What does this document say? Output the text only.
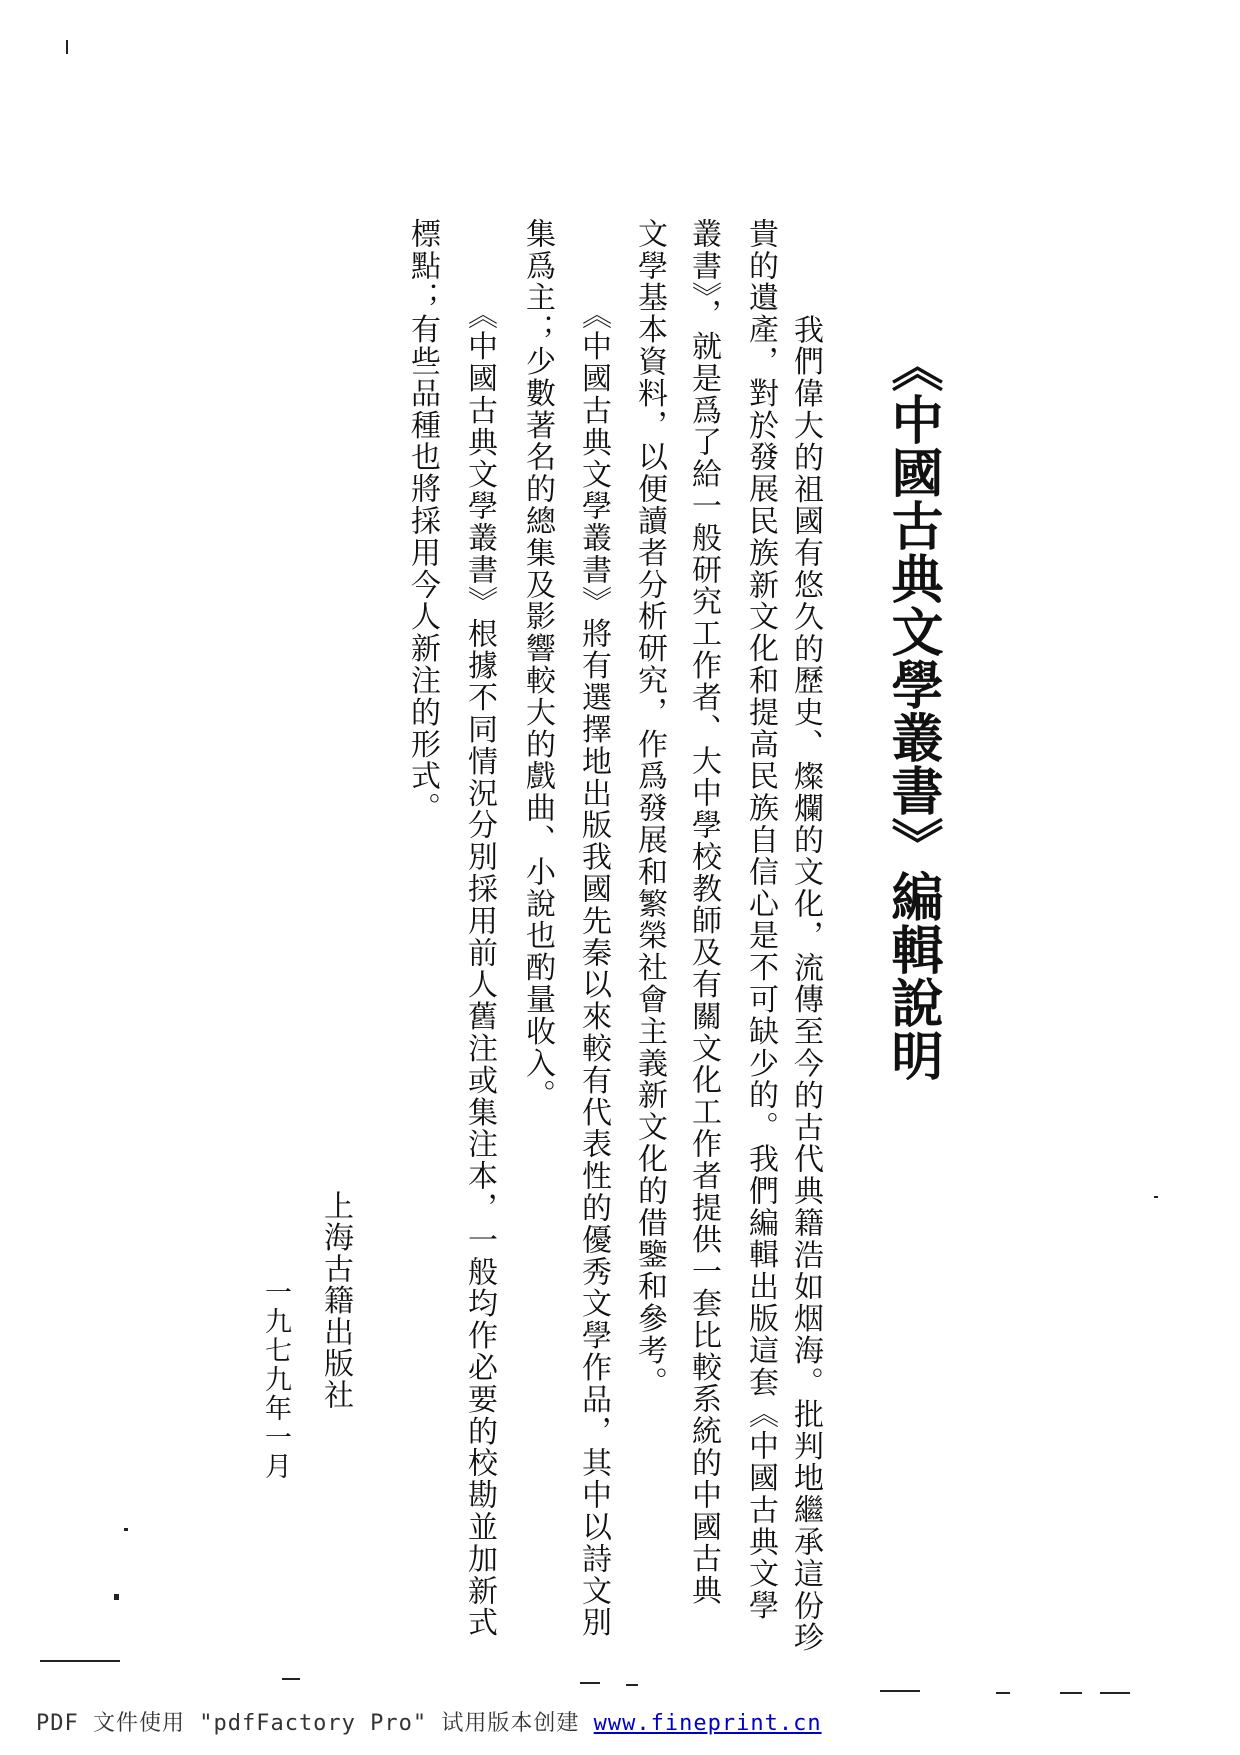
《中國古典文學叢書》編輯說明
　我們偉大的祖國有悠久的歷史、燦爛的文化，流傳至今的古代典籍浩如烟海。批判地繼承這份珍
貴的遺產，對於發展民族新文化和提高民族自信心是不可缺少的。我們編輯出版這套《中國古典文學
叢書》，就是爲了給一般研究工作者、大中學校教師及有關文化工作者提供一套比較系統的中國古典
文學基本資料，以便讀者分析研究，作爲發展和繁榮社會主義新文化的借鑒和參考。
　《中國古典文學叢書》將有選擇地出版我國先秦以來較有代表性的優秀文學作品，其中以詩文別
集爲主；少數著名的總集及影響較大的戲曲、小說也酌量收入。
　《中國古典文學叢書》根據不同情況分別採用前人舊注或集注本，一般均作必要的校勘並加新式
標點；有些品種也將採用今人新注的形式。
上海古籍出版社
一九七九年一月
PDF 文件使用 "pdfFactory Pro" 试用版本创建 www.fineprint.cn
